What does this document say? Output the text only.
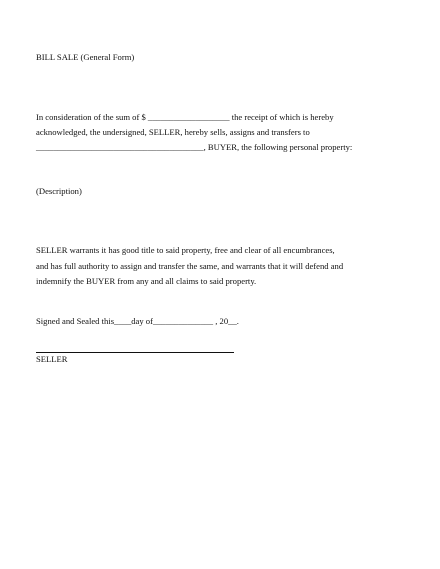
BILL SALE (General Form)
In consideration of the sum of $ ___________________ the receipt of which is hereby
acknowledged, the undersigned, SELLER, hereby sells, assigns and transfers to
_______________________________________, BUYER, the following personal property:
(Description)
SELLER warrants it has good title to said property, free and clear of all encumbrances,
and has full authority to assign and transfer the same, and warrants that it will defend and
indemnify the BUYER from any and all claims to said property.
Signed and Sealed this____day of______________ , 20__.
SELLER
